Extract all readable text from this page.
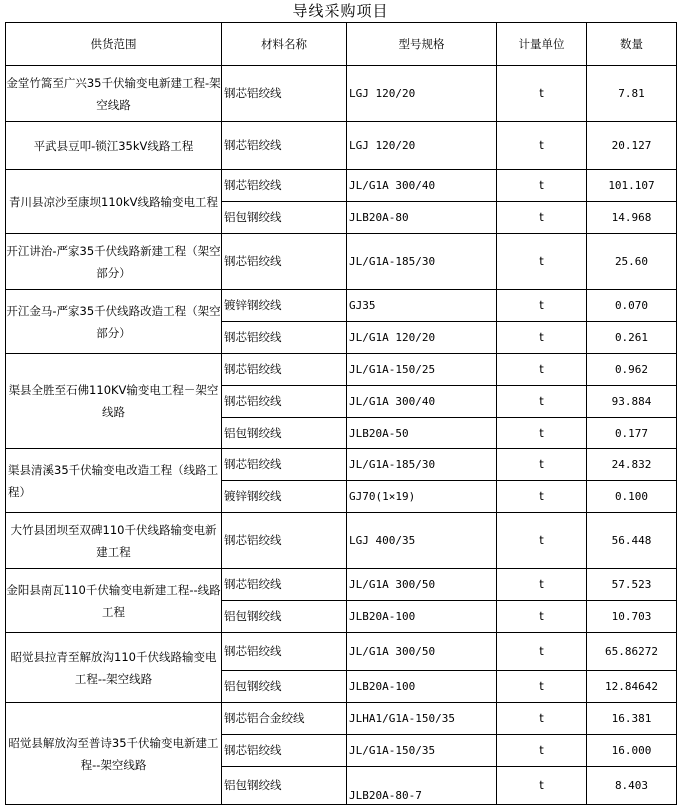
导线采购项目
供货范围	材料名称	型号规格	计量单位	数量
金堂竹篙至广兴35千伏输变电新建工程-架空线路	钢芯铝绞线	LGJ 120/20	t	7.81
平武县豆叩-锁江35kV线路工程	钢芯铝绞线	LGJ 120/20	t	20.127
青川县凉沙至康坝110kV线路输变电工程	钢芯铝绞线	JL/G1A 300/40	t	101.107
	铝包钢绞线	JLB20A-80	t	14.968
开江讲治-严家35千伏线路新建工程（架空部分）	钢芯铝绞线	JL/G1A-185/30	t	25.60
开江金马-严家35千伏线路改造工程（架空部分）	镀锌钢绞线	GJ35	t	0.070
	钢芯铝绞线	JL/G1A 120/20	t	0.261
渠县全胜至石佛110KV输变电工程－架空线路	钢芯铝绞线	JL/G1A-150/25	t	0.962
	钢芯铝绞线	JL/G1A 300/40	t	93.884
	铝包钢绞线	JLB20A-50	t	0.177
渠县清溪35千伏输变电改造工程（线路工程）	钢芯铝绞线	JL/G1A-185/30	t	24.832
	镀锌钢绞线	GJ70(1×19)	t	0.100
大竹县团坝至双碑110千伏线路输变电新建工程	钢芯铝绞线	LGJ 400/35	t	56.448
金阳县南瓦110千伏输变电新建工程--线路工程	钢芯铝绞线	JL/G1A 300/50	t	57.523
	铝包钢绞线	JLB20A-100	t	10.703
昭觉县拉青至解放沟110千伏线路输变电工程--架空线路	钢芯铝绞线	JL/G1A 300/50	t	65.86272
	铝包钢绞线	JLB20A-100	t	12.84642
昭觉县解放沟至普诗35千伏输变电新建工程--架空线路	钢芯铝合金绞线	JLHA1/G1A-150/35	t	16.381
	钢芯铝绞线	JL/G1A-150/35	t	16.000
	铝包钢绞线	JLB20A-80-7	t	8.403
